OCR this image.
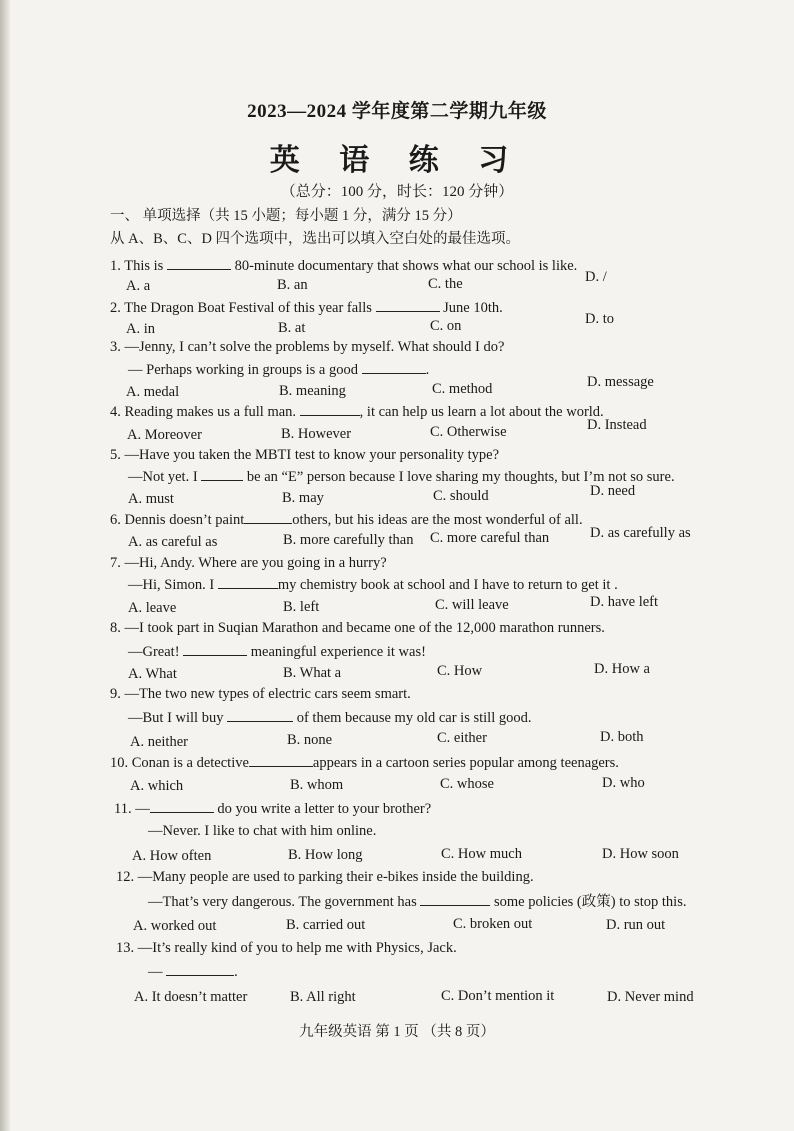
2023—2024 学年度第二学期九年级
英 语 练 习
（总分：100 分，时长：120 分钟）
一、 单项选择（共 15 小题；每小题 1 分，满分 15 分）
从 A、B、C、D 四个选项中，选出可以填入空白处的最佳选项。
1. This is	80-minute documentary that shows what our school is like.
A. a	B. an	C. the	D. /
2. The Dragon Boat Festival of this year falls	June 10th.
A. in	B. at	C. on	D. to
3. —Jenny, I can’t solve the problems by myself. What should I do?
— Perhaps working in groups is a good	.
A. medal	B. meaning	C. method	D. message
4. Reading makes us a full man.	, it can help us learn a lot about the world.
A. Moreover	B. However	C. Otherwise	D. Instead
5. —Have you taken the MBTI test to know your personality type?
—Not yet. I	be an “E” person because I love sharing my thoughts, but I’m not so sure.
A. must	B. may	C. should	D. need
6. Dennis doesn’t paint	others, but his ideas are the most wonderful of all.
A. as careful as	B. more carefully than C. more careful than	D. as carefully as
7. —Hi, Andy. Where are you going in a hurry?
—Hi, Simon. I	my chemistry book at school and I have to return to get it .
A. leave	B. left	C. will leave	D. have left
8. —I took part in Suqian Marathon and became one of the 12,000 marathon runners.
—Great!	meaningful experience it was!
A. What	B. What a	C. How	D. How a
9. —The two new types of electric cars seem smart.
—But I will buy	of them because my old car is still good.
A. neither	B. none	C. either	D. both
10. Conan is a detective	appears in a cartoon series popular among teenagers.
A. which	B. whom	C. whose	D. who
11. —	do you write a letter to your brother?
—Never. I like to chat with him online.
A. How often	B. How long	C. How much	D. How soon
12. —Many people are used to parking their e-bikes inside the building.
—That’s very dangerous. The government has	some policies (政策) to stop this.
A. worked out	B. carried out	C. broken out	D. run out
13. —It’s really kind of you to help me with Physics, Jack.
—	.
A. It doesn’t matter	B. All right	C. Don’t mention it	D. Never mind
九年级英语 第 1 页 （共 8 页）
